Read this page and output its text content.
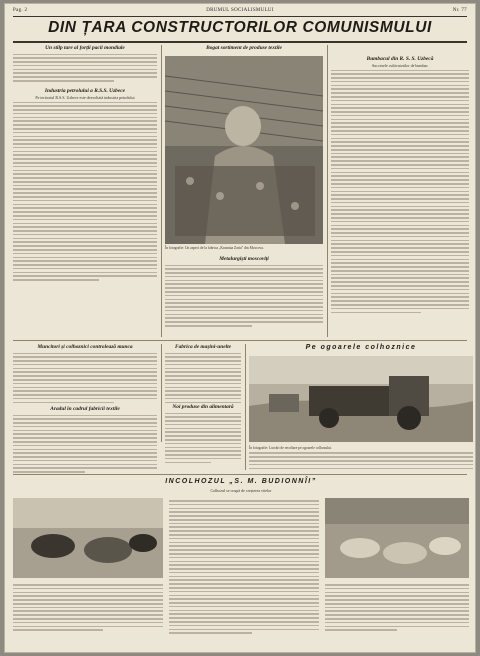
Pag. 2	DRUMUL SOCIALISMULUI	Nr. 77
DIN ȚARA CONSTRUCTORILOR COMUNISMULUI
Un stîlp tare al forții pacii mondiale
Industria petrolului a R.S.S. Uzbece
Pe teritoriul R.S.S. Uzbece este dezvoltată industria petrolului
Bogat sortiment de produse textile
În fotografie: Un aspect de la fabrica „Krasnaia Zaria” din Moscova.
Metalurgiști moscoviți
Bumbacul din R. S. S. Uzbecă
Succesele cultivatorilor de bumbac
Muncitori și colhoznici controlează munca
Aradul în cadrul fabricii textile
Fabrica de mașini-unelte
Noi produse din alimentară
Pe ogoarele colhoznice
În fotografie: Lucrări de recoltare pe ogoarele colhozului.
INCOLHOZUL „S. M. BUDIONNÎI”
Colhozul se ocupă de creșterea vitelor
